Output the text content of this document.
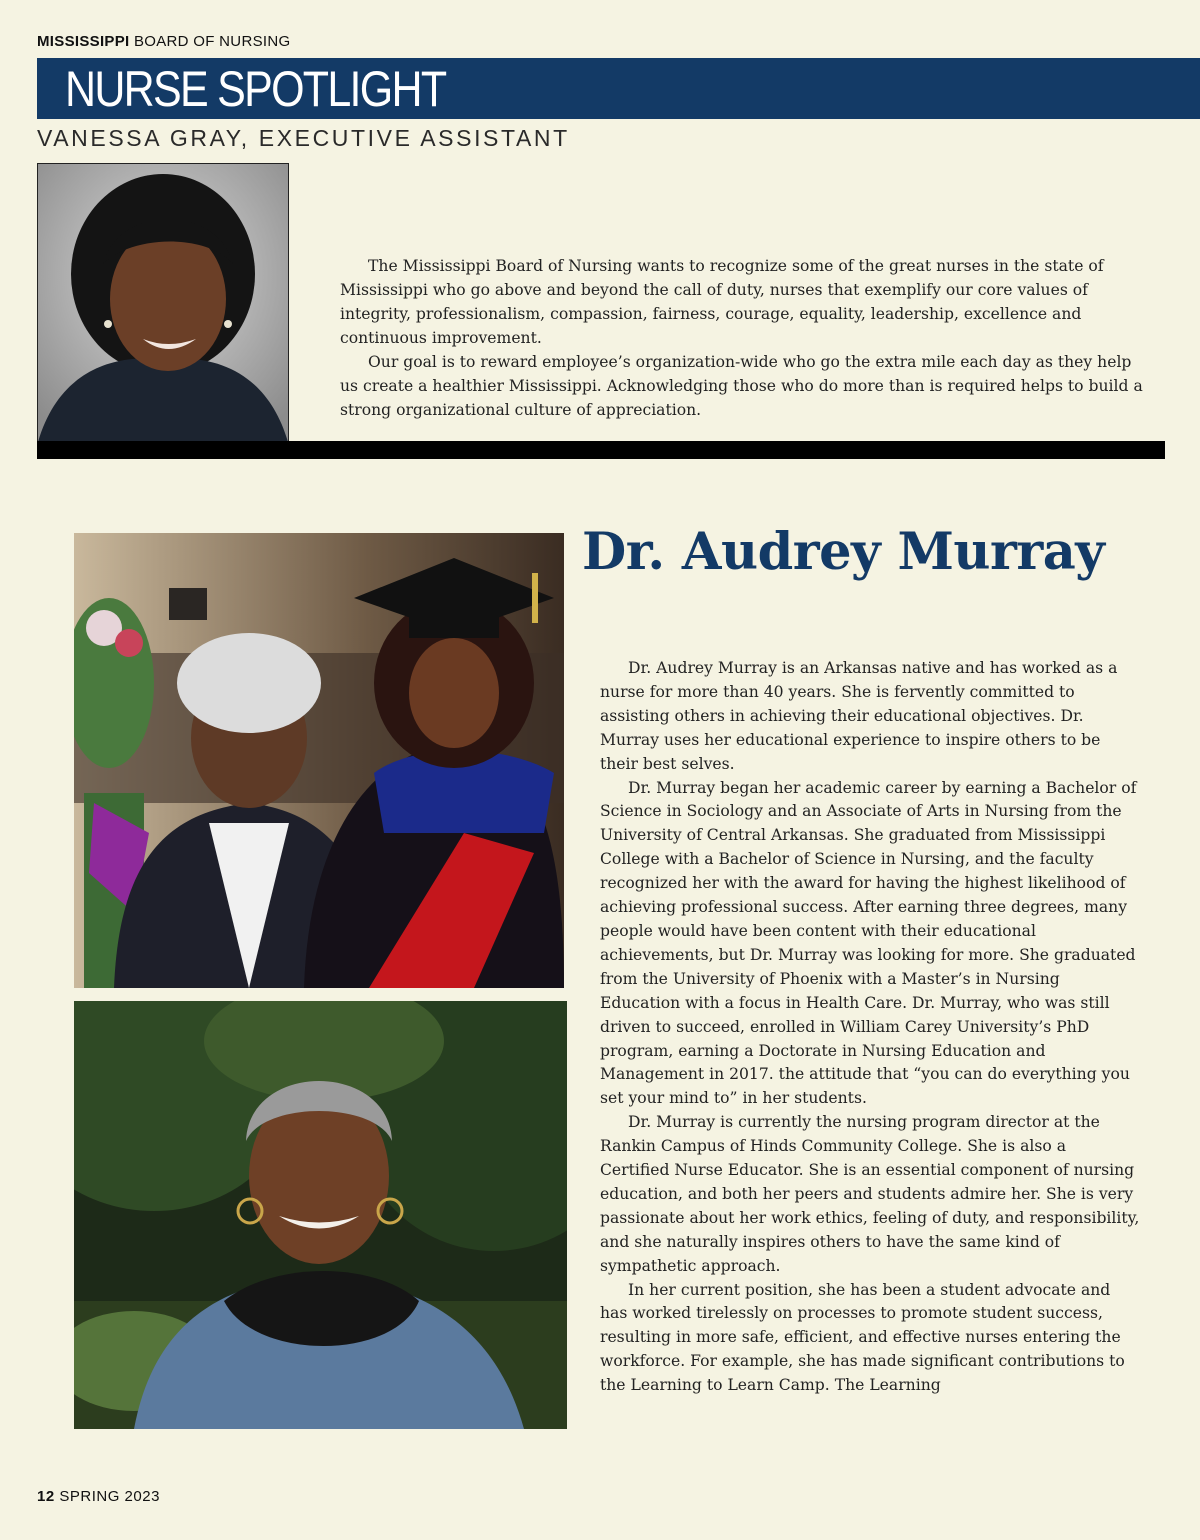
MISSISSIPPI BOARD OF NURSING
NURSE SPOTLIGHT
VANESSA GRAY, EXECUTIVE ASSISTANT

The Mississippi Board of Nursing wants to recognize some of the great nurses in the state of Mississippi who go above and beyond the call of duty, nurses that exemplify our core values of integrity, professionalism, compassion, fairness, courage, equality, leadership, excellence and continuous improvement.

Our goal is to reward employee’s organization-wide who go the extra mile each day as they help us create a healthier Mississippi. Acknowledging those who do more than is required helps to build a strong organizational culture of appreciation.

Dr. Audrey Murray

Dr. Audrey Murray is an Arkansas native and has worked as a nurse for more than 40 years. She is fervently committed to assisting others in achieving their educational objectives. Dr. Murray uses her educational experience to inspire others to be their best selves.

Dr. Murray began her academic career by earning a Bachelor of Science in Sociology and an Associate of Arts in Nursing from the University of Central Arkansas. She graduated from Mississippi College with a Bachelor of Science in Nursing, and the faculty recognized her with the award for having the highest likelihood of achieving professional success. After earning three degrees, many people would have been content with their educational achievements, but Dr. Murray was looking for more. She graduated from the University of Phoenix with a Master’s in Nursing Education with a focus in Health Care. Dr. Murray, who was still driven to succeed, enrolled in William Carey University’s PhD program, earning a Doctorate in Nursing Education and Management in 2017. the attitude that “you can do everything you set your mind to” in her students.

Dr. Murray is currently the nursing program director at the Rankin Campus of Hinds Community College. She is also a Certified Nurse Educator. She is an essential component of nursing education, and both her peers and students admire her. She is very passionate about her work ethics, feeling of duty, and responsibility, and she naturally inspires others to have the same kind of sympathetic approach.

In her current position, she has been a student advocate and has worked tirelessly on processes to promote student success, resulting in more safe, efficient, and effective nurses entering the workforce. For example, she has made significant contributions to the Learning to Learn Camp. The Learning

12 SPRING 2023
